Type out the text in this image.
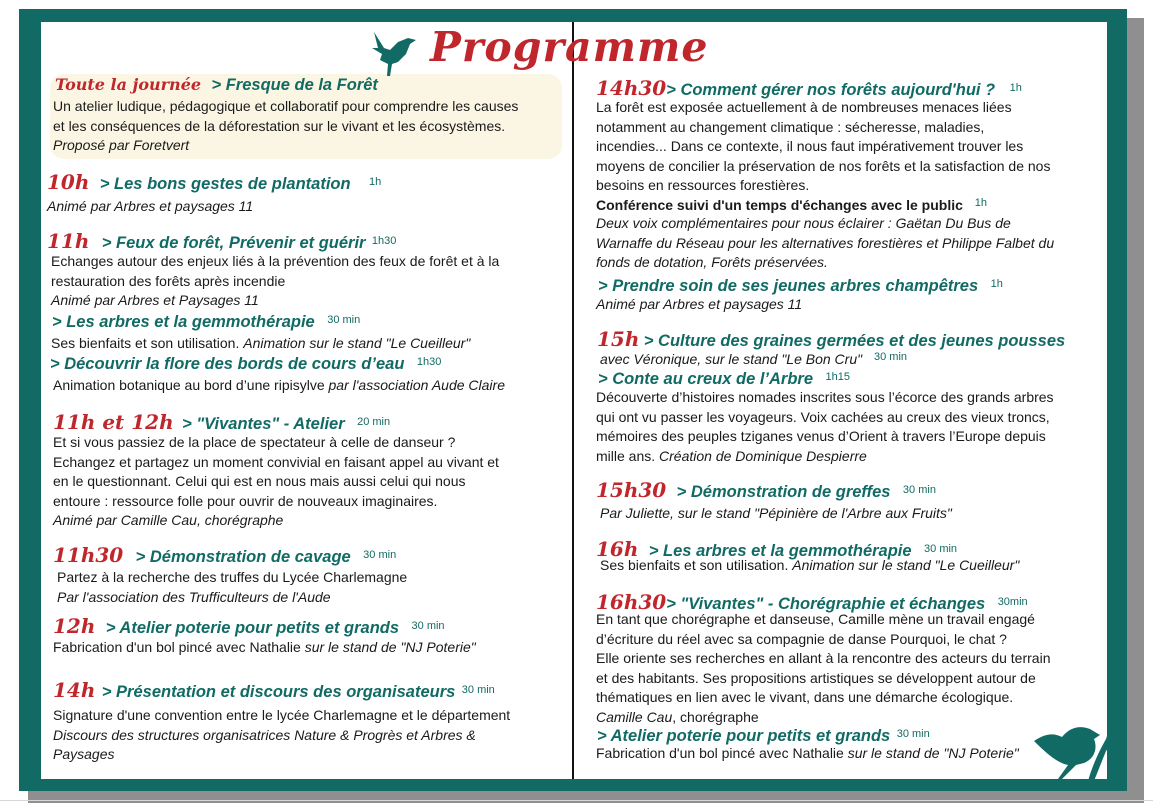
Programme
Toute la journée > Fresque de la Forêt
Un atelier ludique, pédagogique et collaboratif pour comprendre les causes
et les conséquences de la déforestation sur le vivant et les écosystèmes.
Proposé par Foretvert
10h > Les bons gestes de plantation $^{1h}$
Animé par Arbres et paysages 11
11h > Feux de forêt, Prévenir et guérir $^{1h30}$
Echanges autour des enjeux liés à la prévention des feux de forêt et à la
restauration des forêts après incendie
Animé par Arbres et Paysages 11
> Les arbres et la gemmothérapie $^{30 min}$
Ses bienfaits et son utilisation. Animation sur le stand "Le Cueilleur"
> Découvrir la flore des bords de cours d’eau $^{1h30}$
Animation botanique au bord d’une ripisylve par l'association Aude Claire
11h et 12h > "Vivantes" - Atelier $^{20 min}$
Et si vous passiez de la place de spectateur à celle de danseur ?
Echangez et partagez un moment convivial en faisant appel au vivant et
en le questionnant. Celui qui est en nous mais aussi celui qui nous
entoure : ressource folle pour ouvrir de nouveaux imaginaires.
Animé par Camille Cau, chorégraphe
11h30 > Démonstration de cavage $^{30 min}$
Partez à la recherche des truffes du Lycée Charlemagne
Par l'association des Trufficulteurs de l'Aude
12h > Atelier poterie pour petits et grands $^{30 min}$
Fabrication d'un bol pincé avec Nathalie sur le stand de "NJ Poterie"
14h > Présentation et discours des organisateurs $^{30 min}$
Signature d'une convention entre le lycée Charlemagne et le département
Discours des structures organisatrices Nature & Progrès et Arbres &
Paysages
14h30> Comment gérer nos forêts aujourd'hui ? $^{1h}$
La forêt est exposée actuellement à de nombreuses menaces liées
notamment au changement climatique : sécheresse, maladies,
incendies... Dans ce contexte, il nous faut impérativement trouver les
moyens de concilier la préservation de nos forêts et la satisfaction de nos
besoins en ressources forestières.
Conférence suivi d'un temps d'échanges avec le public $^{1h}$
Deux voix complémentaires pour nous éclairer : Gaëtan Du Bus de
Warnaffe du Réseau pour les alternatives forestières et Philippe Falbet du
fonds de dotation, Forêts préservées.
> Prendre soin de ses jeunes arbres champêtres $^{1h}$
Animé par Arbres et paysages 11
15h > Culture des graines germées et des jeunes pousses
avec Véronique, sur le stand "Le Bon Cru" $^{30 min}$
> Conte au creux de l’Arbre $^{1h15}$
Découverte d’histoires nomades inscrites sous l’écorce des grands arbres
qui ont vu passer les voyageurs. Voix cachées au creux des vieux troncs,
mémoires des peuples tziganes venus d’Orient à travers l’Europe depuis
mille ans. Création de Dominique Despierre
15h30 > Démonstration de greffes $^{30 min}$
Par Juliette, sur le stand "Pépinière de l'Arbre aux Fruits"
16h > Les arbres et la gemmothérapie $^{30 min}$
Ses bienfaits et son utilisation. Animation sur le stand "Le Cueilleur"
16h30> "Vivantes" - Chorégraphie et échanges $^{30min}$
En tant que chorégraphe et danseuse, Camille mène un travail engagé
d’écriture du réel avec sa compagnie de danse Pourquoi, le chat ?
Elle oriente ses recherches en allant à la rencontre des acteurs du terrain
et des habitants. Ses propositions artistiques se développent autour de
thématiques en lien avec le vivant, dans une démarche écologique.
Camille Cau, chorégraphe
> Atelier poterie pour petits et grands $^{30 min}$
Fabrication d'un bol pincé avec Nathalie sur le stand de "NJ Poterie"
